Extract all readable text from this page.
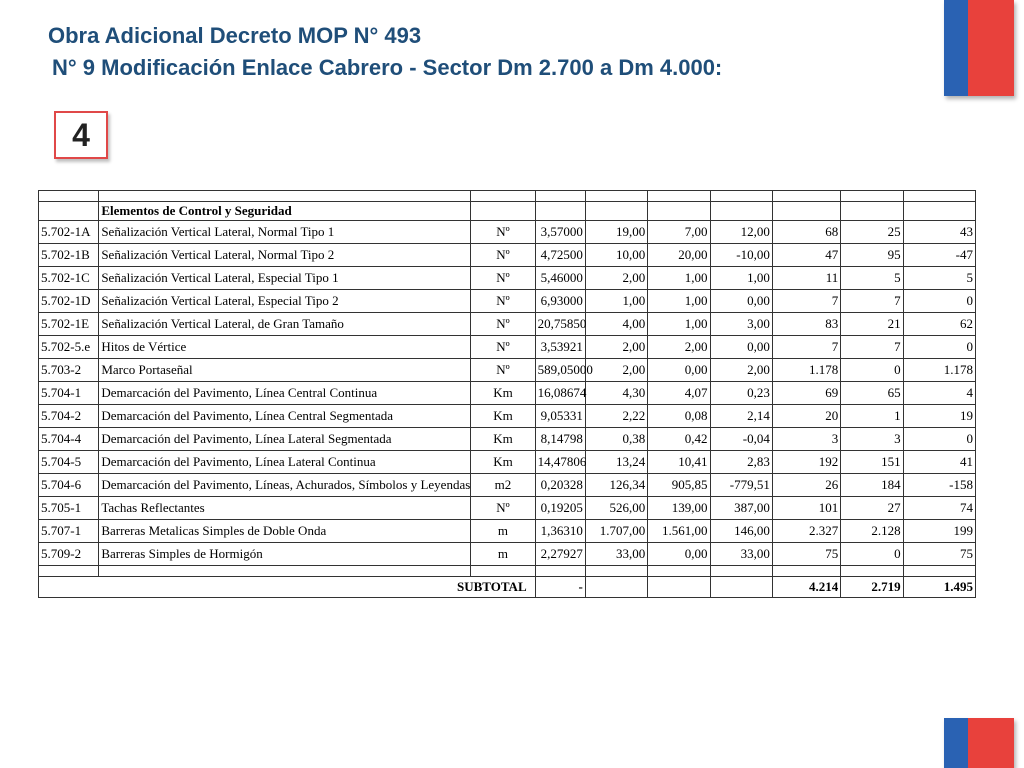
Obra Adicional Decreto MOP N° 493
N° 9 Modificación Enlace Cabrero - Sector Dm 2.700 a Dm 4.000:
4

	Elementos de Control y Seguridad								
5.702-1A	Señalización Vertical Lateral, Normal Tipo 1	Nº	3,57000	19,00	7,00	12,00	68	25	43
5.702-1B	Señalización Vertical Lateral, Normal Tipo 2	Nº	4,72500	10,00	20,00	-10,00	47	95	-47
5.702-1C	Señalización Vertical Lateral, Especial Tipo 1	Nº	5,46000	2,00	1,00	1,00	11	5	5
5.702-1D	Señalización Vertical Lateral, Especial Tipo 2	Nº	6,93000	1,00	1,00	0,00	7	7	0
5.702-1E	Señalización Vertical Lateral, de Gran Tamaño	Nº	20,75850	4,00	1,00	3,00	83	21	62
5.702-5.e	Hitos de Vértice	Nº	3,53921	2,00	2,00	0,00	7	7	0
5.703-2	Marco Portaseñal	Nº	589,05000	2,00	0,00	2,00	1.178	0	1.178
5.704-1	Demarcación del Pavimento, Línea Central Continua	Km	16,08674	4,30	4,07	0,23	69	65	4
5.704-2	Demarcación del Pavimento, Línea Central Segmentada	Km	9,05331	2,22	0,08	2,14	20	1	19
5.704-4	Demarcación del Pavimento, Línea Lateral Segmentada	Km	8,14798	0,38	0,42	-0,04	3	3	0
5.704-5	Demarcación del Pavimento, Línea Lateral Continua	Km	14,47806	13,24	10,41	2,83	192	151	41
5.704-6	Demarcación del Pavimento, Líneas, Achurados, Símbolos y Leyendas	m2	0,20328	126,34	905,85	-779,51	26	184	-158
5.705-1	Tachas Reflectantes	Nº	0,19205	526,00	139,00	387,00	101	27	74
5.707-1	Barreras Metalicas Simples de Doble Onda	m	1,36310	1.707,00	1.561,00	146,00	2.327	2.128	199
5.709-2	Barreras Simples de Hormigón	m	2,27927	33,00	0,00	33,00	75	0	75

SUBTOTAL			-				4.214	2.719	1.495
